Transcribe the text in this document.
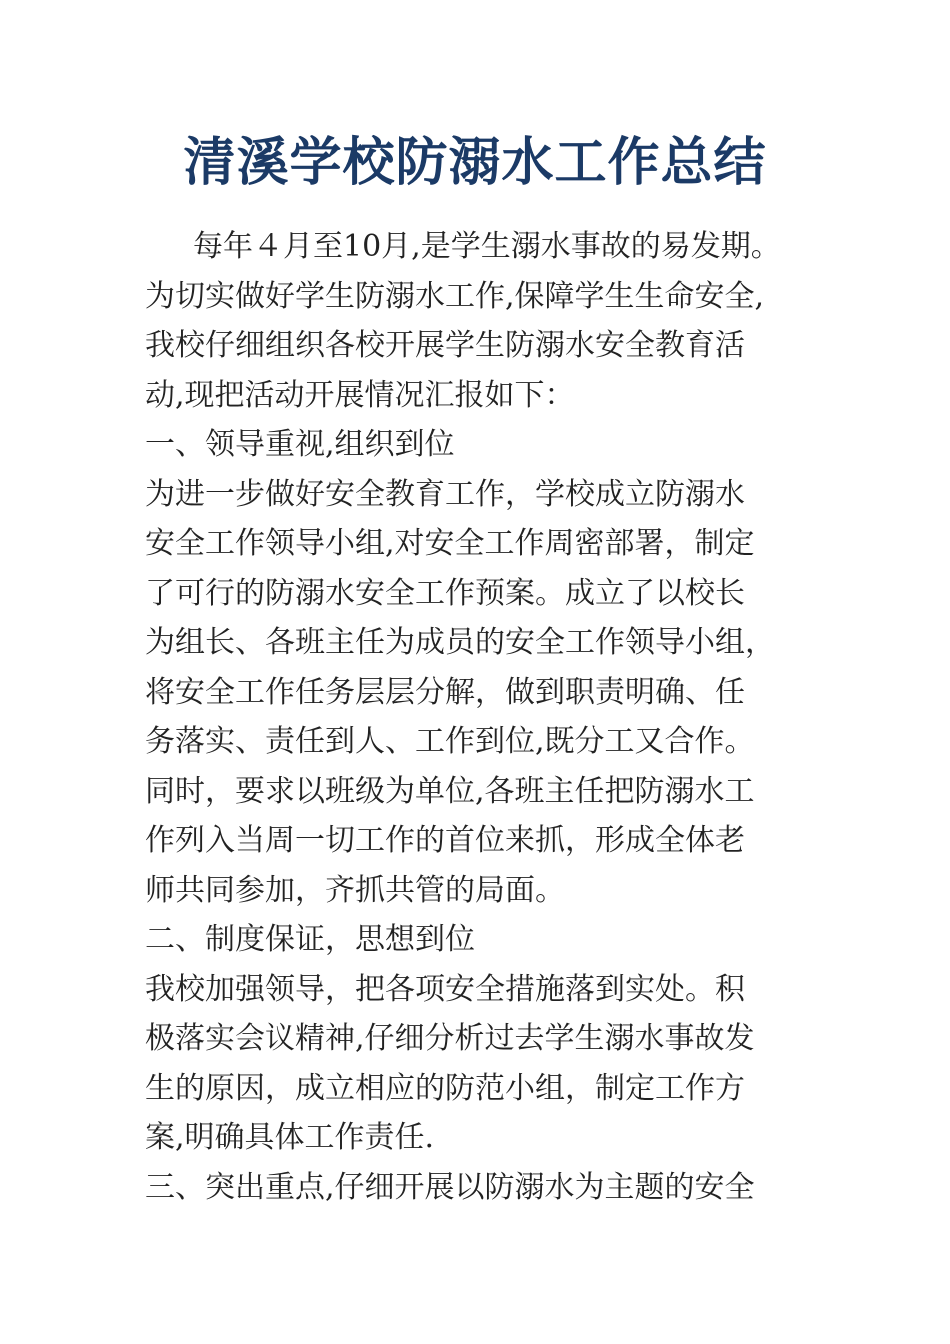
清溪学校防溺水工作总结
每年４月至10月,是学生溺水事故的易发期。
为切实做好学生防溺水工作,保障学生生命安全,
我校仔细组织各校开展学生防溺水安全教育活
动,现把活动开展情况汇报如下：
一、领导重视,组织到位
为进一步做好安全教育工作，学校成立防溺水
安全工作领导小组,对安全工作周密部署，制定
了可行的防溺水安全工作预案。成立了以校长
为组长、各班主任为成员的安全工作领导小组，
将安全工作任务层层分解，做到职责明确、任
务落实、责任到人、工作到位,既分工又合作。
同时，要求以班级为单位,各班主任把防溺水工
作列入当周一切工作的首位来抓，形成全体老
师共同参加，齐抓共管的局面。
二、制度保证，思想到位
我校加强领导，把各项安全措施落到实处。积
极落实会议精神,仔细分析过去学生溺水事故发
生的原因，成立相应的防范小组，制定工作方
案,明确具体工作责任.
三、突出重点,仔细开展以防溺水为主题的安全
